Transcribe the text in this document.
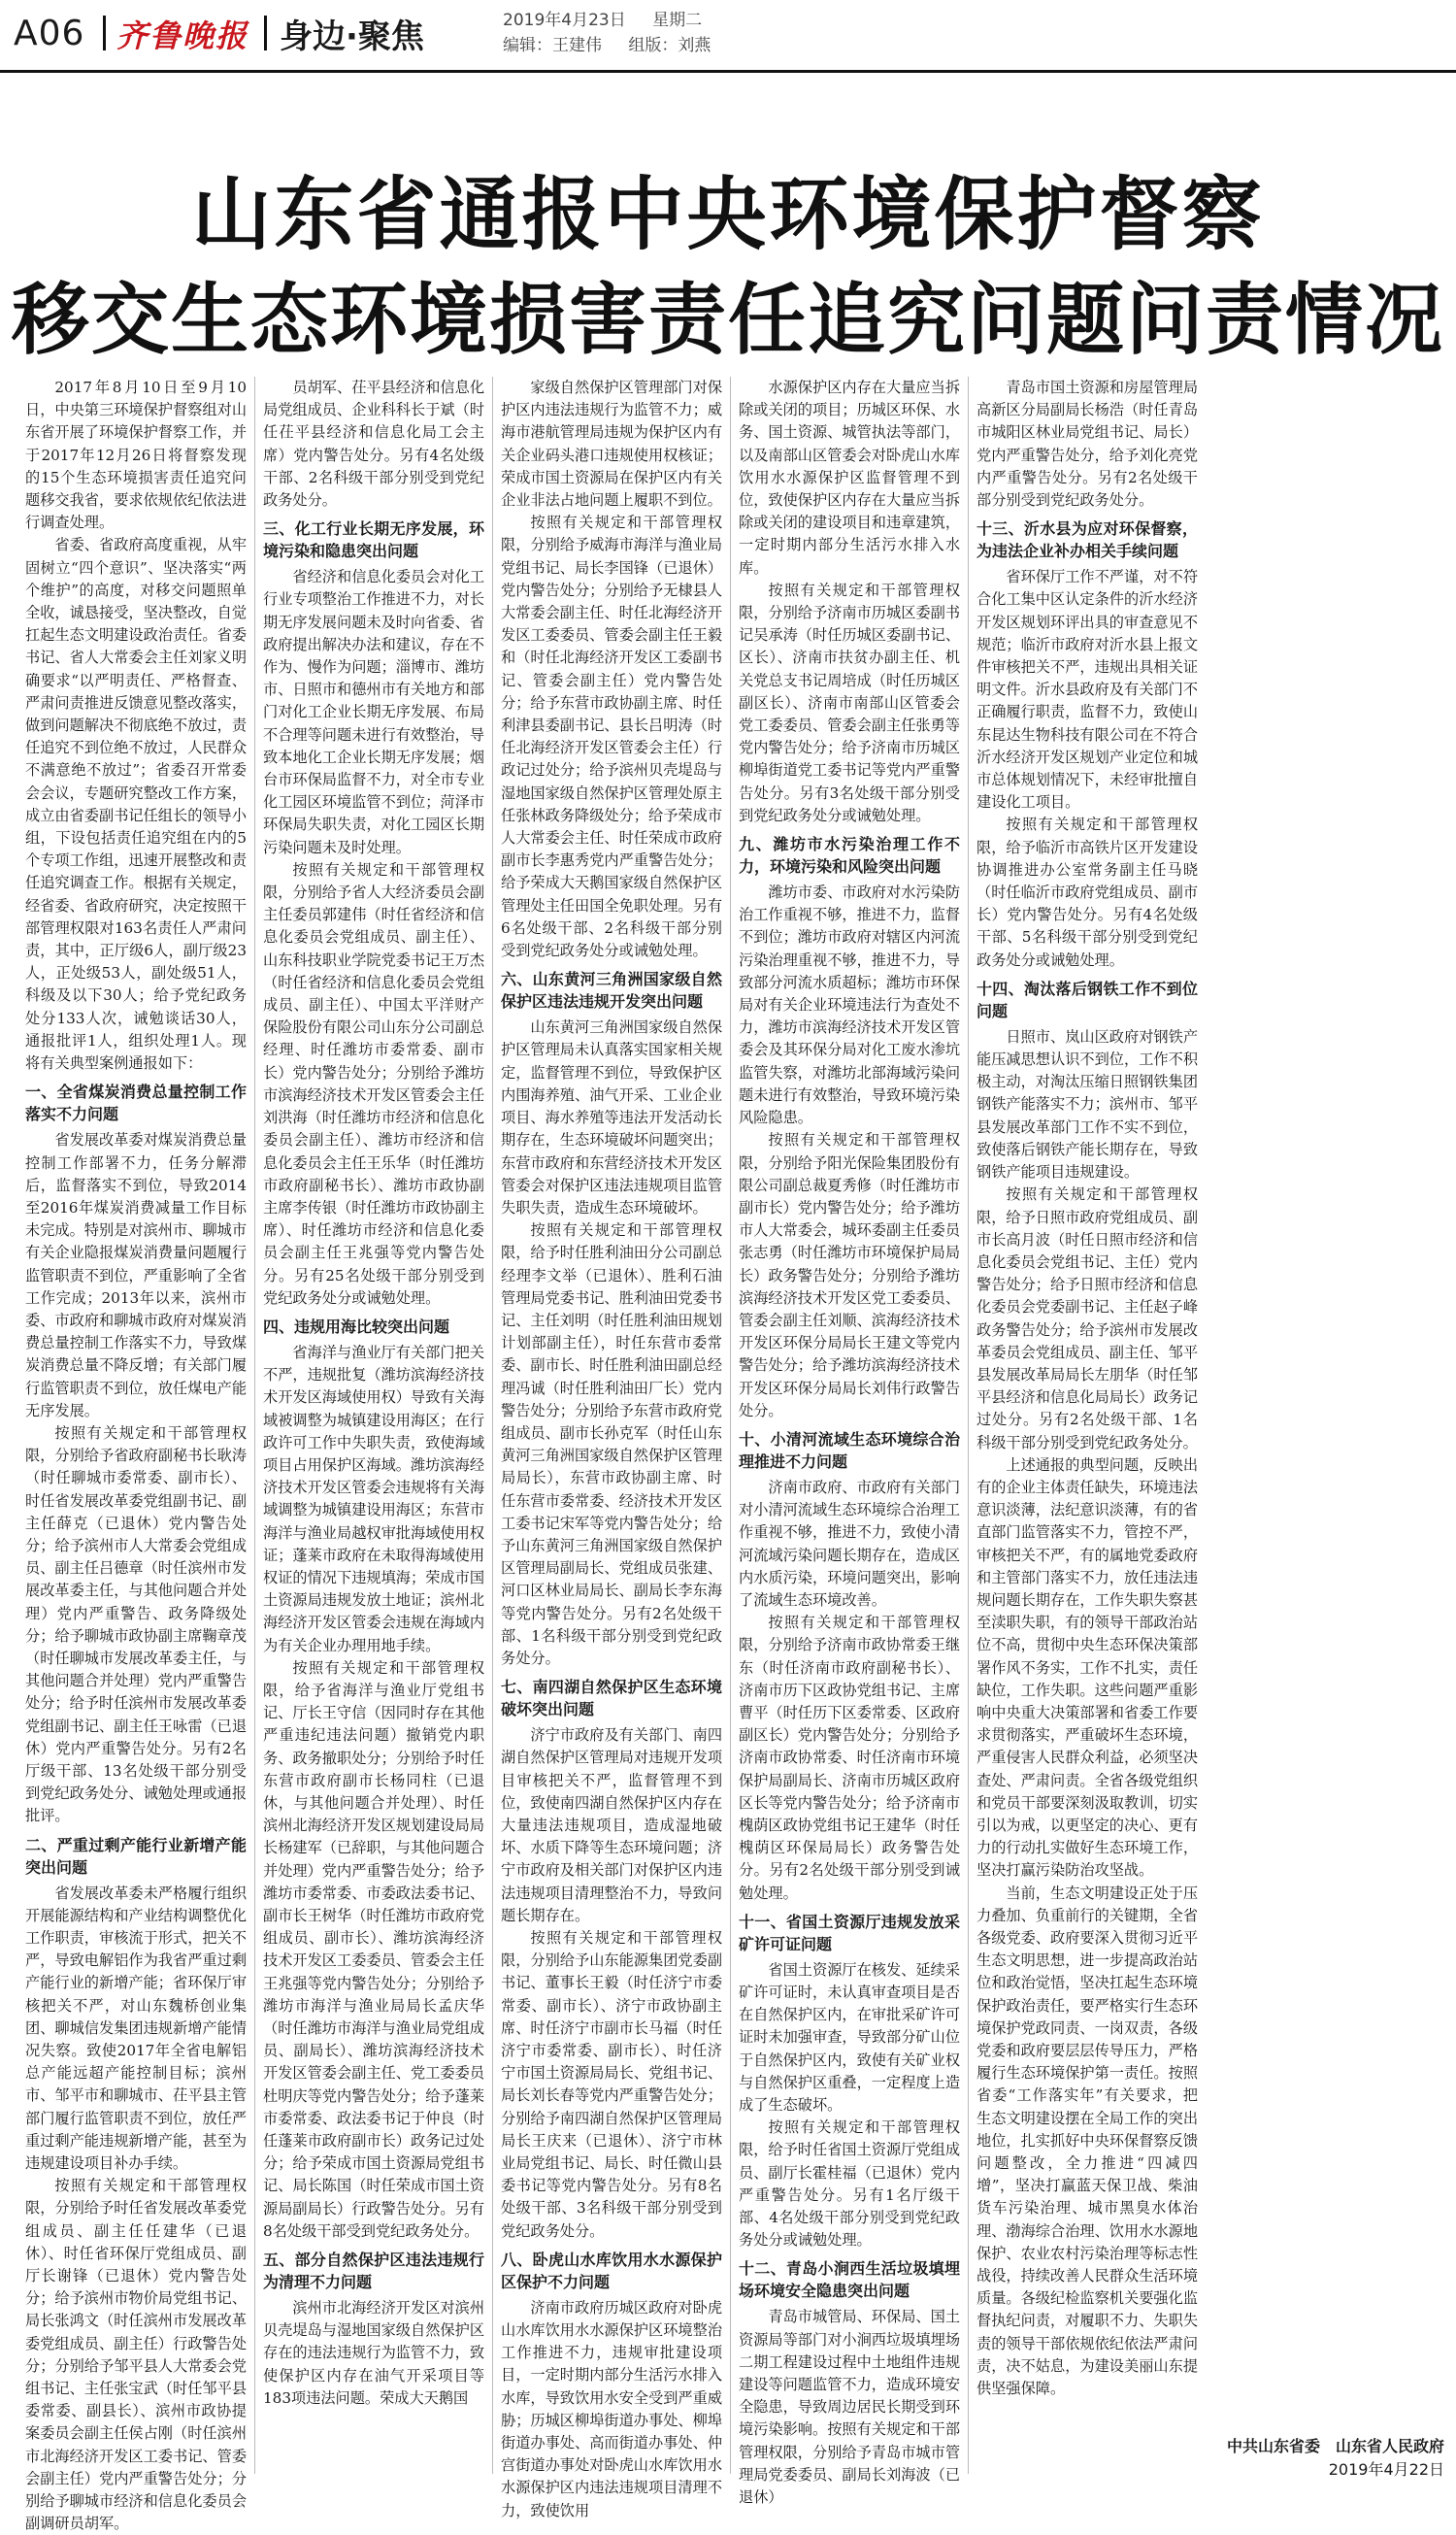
A06 齐鲁晚报 身边·聚焦	2019年4月23日 星期二
编辑：王建伟 组版：刘燕
山东省通报中央环境保护督察
移交生态环境损害责任追究问题问责情况

2017年8月10日至9月10日，中央第三环境保护督察组对山东省开展了环境保护督察工作，并于2017年12月26日将督察发现的15个生态环境损害责任追究问题移交我省，要求依规依纪依法进行调查处理。

省委、省政府高度重视，从牢固树立“四个意识”、坚决落实“两个维护”的高度，对移交问题照单全收，诚恳接受，坚决整改，自觉扛起生态文明建设政治责任。省委书记、省人大常委会主任刘家义明确要求“以严明责任、严格督查、严肃问责推进反馈意见整改落实，做到问题解决不彻底绝不放过，责任追究不到位绝不放过，人民群众不满意绝不放过”；省委召开常委会会议，专题研究整改工作方案，成立由省委副书记任组长的领导小组，下设包括责任追究组在内的5个专项工作组，迅速开展整改和责任追究调查工作。根据有关规定，经省委、省政府研究，决定按照干部管理权限对163名责任人严肃问责，其中，正厅级6人，副厅级23人，正处级53人，副处级51人，科级及以下30人；给予党纪政务处分133人次，诫勉谈话30人，通报批评1人，组织处理1人。现将有关典型案例通报如下：

一、全省煤炭消费总量控制工作落实不力问题

省发展改革委对煤炭消费总量控制工作部署不力，任务分解滞后，监督落实不到位，导致2014至2016年煤炭消费减量工作目标未完成。特别是对滨州市、聊城市有关企业隐报煤炭消费量问题履行监管职责不到位，严重影响了全省工作完成；2013年以来，滨州市委、市政府和聊城市政府对煤炭消费总量控制工作落实不力，导致煤炭消费总量不降反增；有关部门履行监管职责不到位，放任煤电产能无序发展。

按照有关规定和干部管理权限，分别给予省政府副秘书长耿涛（时任聊城市委常委、副市长）、时任省发展改革委党组副书记、副主任薛克（已退休）党内警告处分；给予滨州市人大常委会党组成员、副主任吕德章（时任滨州市发展改革委主任，与其他问题合并处理）党内严重警告、政务降级处分；给予聊城市政协副主席鞠章茂（时任聊城市发展改革委主任，与其他问题合并处理）党内严重警告处分；给予时任滨州市发展改革委党组副书记、副主任王咏雷（已退休）党内严重警告处分。另有2名厅级干部、13名处级干部分别受到党纪政务处分、诫勉处理或通报批评。

二、严重过剩产能行业新增产能突出问题

省发展改革委未严格履行组织开展能源结构和产业结构调整优化工作职责，审核流于形式，把关不严，导致电解铝作为我省严重过剩产能行业的新增产能；省环保厅审核把关不严，对山东魏桥创业集团、聊城信发集团违规新增产能情况失察。致使2017年全省电解铝总产能远超产能控制目标；滨州市、邹平市和聊城市、茌平县主管部门履行监管职责不到位，放任严重过剩产能违规新增产能，甚至为违规建设项目补办手续。

按照有关规定和干部管理权限，分别给予时任省发展改革委党组成员、副主任任建华（已退休）、时任省环保厅党组成员、副厅长谢锋（已退休）党内警告处分；给予滨州市物价局党组书记、局长张鸿文（时任滨州市发展改革委党组成员、副主任）行政警告处分；分别给予邹平县人大常委会党组书记、主任张宝武（时任邹平县委常委、副县长）、滨州市政协提案委员会副主任侯占刚（时任滨州市北海经济开发区工委书记、管委会副主任）党内严重警告处分；分别给予聊城市经济和信息化委员会副调研员胡军。

员胡军、茌平县经济和信息化局党组成员、企业科科长于斌（时任茌平县经济和信息化局工会主席）党内警告处分。另有4名处级干部、2名科级干部分别受到党纪政务处分。

三、化工行业长期无序发展，环境污染和隐患突出问题

省经济和信息化委员会对化工行业专项整治工作推进不力，对长期无序发展问题未及时向省委、省政府提出解决办法和建议，存在不作为、慢作为问题；淄博市、潍坊市、日照市和德州市有关地方和部门对化工企业长期无序发展、布局不合理等问题未进行有效整治，导致本地化工企业长期无序发展；烟台市环保局监督不力，对全市专业化工园区环境监管不到位；菏泽市环保局失职失责，对化工园区长期污染问题未及时处理。

按照有关规定和干部管理权限，分别给予省人大经济委员会副主任委员郭建伟（时任省经济和信息化委员会党组成员、副主任）、山东科技职业学院党委书记王万杰（时任省经济和信息化委员会党组成员、副主任）、中国太平洋财产保险股份有限公司山东分公司副总经理、时任潍坊市委常委、副市长）党内警告处分；分别给予潍坊市滨海经济技术开发区管委会主任刘洪海（时任潍坊市经济和信息化委员会副主任）、潍坊市经济和信息化委员会主任王乐华（时任潍坊市政府副秘书长）、潍坊市政协副主席李传银（时任潍坊市政协副主席）、时任潍坊市经济和信息化委员会副主任王兆强等党内警告处分。另有25名处级干部分别受到党纪政务处分或诫勉处理。

四、违规用海比较突出问题

省海洋与渔业厅有关部门把关不严，违规批复（潍坊滨海经济技术开发区海域使用权）导致有关海域被调整为城镇建设用海区；在行政许可工作中失职失责，致使海域项目占用保护区海域。潍坊滨海经济技术开发区管委会违规将有关海域调整为城镇建设用海区；东营市海洋与渔业局越权审批海域使用权证；蓬莱市政府在未取得海域使用权证的情况下违规填海；荣成市国土资源局违规发放土地证；滨州北海经济开发区管委会违规在海域内为有关企业办理用地手续。

按照有关规定和干部管理权限，给予省海洋与渔业厅党组书记、厅长王守信（因同时存在其他严重违纪违法问题）撤销党内职务、政务撤职处分；分别给予时任东营市政府副市长杨同柱（已退休，与其他问题合并处理）、时任滨州北海经济开发区规划建设局局长杨建军（已辞职，与其他问题合并处理）党内严重警告处分；给予潍坊市委常委、市委政法委书记、副市长王树华（时任潍坊市政府党组成员、副市长）、潍坊滨海经济技术开发区工委委员、管委会主任王兆强等党内警告处分；分别给予潍坊市海洋与渔业局局长孟庆华（时任潍坊市海洋与渔业局党组成员、副局长）、潍坊滨海经济技术开发区管委会副主任、党工委委员杜明庆等党内警告处分；给予蓬莱市委常委、政法委书记于仲良（时任蓬莱市政府副市长）政务记过处分；给予荣成市国土资源局党组书记、局长陈国（时任荣成市国土资源局副局长）行政警告处分。另有8名处级干部受到党纪政务处分。

五、部分自然保护区违法违规行为清理不力问题

滨州市北海经济开发区对滨州贝壳堤岛与湿地国家级自然保护区存在的违法违规行为监管不力，致使保护区内存在油气开采项目等183项违法问题。荣成大天鹅国

家级自然保护区管理部门对保护区内违法违规行为监管不力；威海市港航管理局违规为保护区内有关企业码头港口违规使用权核证；荣成市国土资源局在保护区内有关企业非法占地问题上履职不到位。

按照有关规定和干部管理权限，分别给予威海市海洋与渔业局党组书记、局长李国锋（已退休）党内警告处分；分别给予无棣县人大常委会副主任、时任北海经济开发区工委委员、管委会副主任王毅和（时任北海经济开发区工委副书记、管委会副主任）党内警告处分；给予东营市政协副主席、时任利津县委副书记、县长吕明涛（时任北海经济开发区管委会主任）行政记过处分；给予滨州贝壳堤岛与湿地国家级自然保护区管理处原主任张林政务降级处分；给予荣成市人大常委会主任、时任荣成市政府副市长李惠秀党内严重警告处分；给予荣成大天鹅国家级自然保护区管理处主任田国全免职处理。另有6名处级干部、2名科级干部分别受到党纪政务处分或诫勉处理。

六、山东黄河三角洲国家级自然保护区违法违规开发突出问题

山东黄河三角洲国家级自然保护区管理局未认真落实国家相关规定，监督管理不到位，导致保护区内围海养殖、油气开采、工业企业项目、海水养殖等违法开发活动长期存在，生态环境破坏问题突出；东营市政府和东营经济技术开发区管委会对保护区违法违规项目监管失职失责，造成生态环境破坏。

按照有关规定和干部管理权限，给予时任胜利油田分公司副总经理李文举（已退休）、胜利石油管理局党委书记、胜利油田党委书记、主任刘明（时任胜利油田规划计划部副主任），时任东营市委常委、副市长、时任胜利油田副总经理冯诚（时任胜利油田厂长）党内警告处分；分别给予东营市政府党组成员、副市长孙克军（时任山东黄河三角洲国家级自然保护区管理局局长），东营市政协副主席、时任东营市委常委、经济技术开发区工委书记宋军等党内警告处分；给予山东黄河三角洲国家级自然保护区管理局副局长、党组成员张建、河口区林业局局长、副局长李东海等党内警告处分。另有2名处级干部、1名科级干部分别受到党纪政务处分。

七、南四湖自然保护区生态环境破坏突出问题

济宁市政府及有关部门、南四湖自然保护区管理局对违规开发项目审核把关不严，监督管理不到位，致使南四湖自然保护区内存在大量违法违规项目，造成湿地破坏、水质下降等生态环境问题；济宁市政府及相关部门对保护区内违法违规项目清理整治不力，导致问题长期存在。

按照有关规定和干部管理权限，分别给予山东能源集团党委副书记、董事长王毅（时任济宁市委常委、副市长）、济宁市政协副主席、时任济宁市副市长马福（时任济宁市委常委、副市长）、时任济宁市国土资源局局长、党组书记、局长刘长春等党内严重警告处分；分别给予南四湖自然保护区管理局局长王庆来（已退休）、济宁市林业局党组书记、局长、时任微山县委书记等党内警告处分。另有8名处级干部、3名科级干部分别受到党纪政务处分。

八、卧虎山水库饮用水水源保护区保护不力问题

济南市政府历城区政府对卧虎山水库饮用水水源保护区环境整治工作推进不力，违规审批建设项目，一定时期内部分生活污水排入水库，导致饮用水安全受到严重威胁；历城区柳埠街道办事处、柳埠街道办事处、高而街道办事处、仲宫街道办事处对卧虎山水库饮用水水源保护区内违法违规项目清理不力，致使饮用

水源保护区内存在大量应当拆除或关闭的项目；历城区环保、水务、国土资源、城管执法等部门，以及南部山区管委会对卧虎山水库饮用水水源保护区监督管理不到位，致使保护区内存在大量应当拆除或关闭的建设项目和违章建筑，一定时期内部分生活污水排入水库。

按照有关规定和干部管理权限，分别给予济南市历城区委副书记吴承涛（时任历城区委副书记、区长）、济南市扶贫办副主任、机关党总支书记周培成（时任历城区副区长）、济南市南部山区管委会党工委委员、管委会副主任张勇等党内警告处分；给予济南市历城区柳埠街道党工委书记等党内严重警告处分。另有3名处级干部分别受到党纪政务处分或诫勉处理。

九、潍坊市水污染治理工作不力，环境污染和风险突出问题

潍坊市委、市政府对水污染防治工作重视不够，推进不力，监督不到位；潍坊市政府对辖区内河流污染治理重视不够，推进不力，导致部分河流水质超标；潍坊市环保局对有关企业环境违法行为查处不力，潍坊市滨海经济技术开发区管委会及其环保分局对化工废水渗坑监管失察，对潍坊北部海域污染问题未进行有效整治，导致环境污染风险隐患。

按照有关规定和干部管理权限，分别给予阳光保险集团股份有限公司副总裁夏秀修（时任潍坊市副市长）党内警告处分；给予潍坊市人大常委会，城环委副主任委员张志勇（时任潍坊市环境保护局局长）政务警告处分；分别给予潍坊滨海经济技术开发区党工委委员、管委会副主任刘顺、滨海经济技术开发区环保分局局长王建文等党内警告处分；给予潍坊滨海经济技术开发区环保分局局长刘伟行政警告处分。

十、小清河流域生态环境综合治理推进不力问题

济南市政府、市政府有关部门对小清河流域生态环境综合治理工作重视不够，推进不力，致使小清河流域污染问题长期存在，造成区内水质污染，环境问题突出，影响了流域生态环境改善。

按照有关规定和干部管理权限，分别给予济南市政协常委王继东（时任济南市政府副秘书长）、济南市历下区政协党组书记、主席曹平（时任历下区委常委、区政府副区长）党内警告处分；分别给予济南市政协常委、时任济南市环境保护局副局长、济南市历城区政府区长等党内警告处分；给予济南市槐荫区政协党组书记王建华（时任槐荫区环保局局长）政务警告处分。另有2名处级干部分别受到诫勉处理。

十一、省国土资源厅违规发放采矿许可证问题

省国土资源厅在核发、延续采矿许可证时，未认真审查项目是否在自然保护区内，在审批采矿许可证时未加强审查，导致部分矿山位于自然保护区内，致使有关矿业权与自然保护区重叠，一定程度上造成了生态破坏。

按照有关规定和干部管理权限，给予时任省国土资源厅党组成员、副厅长霍桂福（已退休）党内严重警告处分。另有1名厅级干部、4名处级干部分别受到党纪政务处分或诫勉处理。

十二、青岛小涧西生活垃圾填埋场环境安全隐患突出问题

青岛市城管局、环保局、国土资源局等部门对小涧西垃圾填埋场二期工程建设过程中土地组件违规建设等问题监管不力，造成环境安全隐患，导致周边居民长期受到环境污染影响。按照有关规定和干部管理权限，分别给予青岛市城市管理局党委委员、副局长刘海波（已退休）

青岛市国土资源和房屋管理局高新区分局副局长杨浩（时任青岛市城阳区林业局党组书记、局长）党内严重警告处分，给予刘化亮党内严重警告处分。另有2名处级干部分别受到党纪政务处分。

十三、沂水县为应对环保督察，为违法企业补办相关手续问题

省环保厅工作不严谨，对不符合化工集中区认定条件的沂水经济开发区规划环评出具的审查意见不规范；临沂市政府对沂水县上报文件审核把关不严，违规出具相关证明文件。沂水县政府及有关部门不正确履行职责，监督不力，致使山东昆达生物科技有限公司在不符合沂水经济开发区规划产业定位和城市总体规划情况下，未经审批擅自建设化工项目。

按照有关规定和干部管理权限，给予临沂市高铁片区开发建设协调推进办公室常务副主任马晓（时任临沂市政府党组成员、副市长）党内警告处分。另有4名处级干部、5名科级干部分别受到党纪政务处分或诫勉处理。

十四、淘汰落后钢铁工作不到位问题

日照市、岚山区政府对钢铁产能压减思想认识不到位，工作不积极主动，对淘汰压缩日照钢铁集团钢铁产能落实不力；滨州市、邹平县发展改革部门工作不实不到位，致使落后钢铁产能长期存在，导致钢铁产能项目违规建设。

按照有关规定和干部管理权限，给予日照市政府党组成员、副市长高月波（时任日照市经济和信息化委员会党组书记、主任）党内警告处分；给予日照市经济和信息化委员会党委副书记、主任赵子峰政务警告处分；给予滨州市发展改革委员会党组成员、副主任、邹平县发展改革局局长左朋华（时任邹平县经济和信息化局局长）政务记过处分。另有2名处级干部、1名科级干部分别受到党纪政务处分。

上述通报的典型问题，反映出有的企业主体责任缺失，环境违法意识淡薄，法纪意识淡薄，有的省直部门监管落实不力，管控不严，审核把关不严，有的属地党委政府和主管部门落实不力，放任违法违规问题长期存在，工作失职失察甚至渎职失职，有的领导干部政治站位不高，贯彻中央生态环保决策部署作风不务实，工作不扎实，责任缺位，工作失职。这些问题严重影响中央重大决策部署和省委工作要求贯彻落实，严重破坏生态环境，严重侵害人民群众利益，必须坚决查处、严肃问责。全省各级党组织和党员干部要深刻汲取教训，切实引以为戒，以更坚定的决心、更有力的行动扎实做好生态环境工作，坚决打赢污染防治攻坚战。

当前，生态文明建设正处于压力叠加、负重前行的关键期，全省各级党委、政府要深入贯彻习近平生态文明思想，进一步提高政治站位和政治觉悟，坚决扛起生态环境保护政治责任，要严格实行生态环境保护党政同责、一岗双责，各级党委和政府要层层传导压力，严格履行生态环境保护第一责任。按照省委“工作落实年”有关要求，把生态文明建设摆在全局工作的突出地位，扎实抓好中央环保督察反馈问题整改，全力推进“四减四增”，坚决打赢蓝天保卫战、柴油货车污染治理、城市黑臭水体治理、渤海综合治理、饮用水水源地保护、农业农村污染治理等标志性战役，持续改善人民群众生活环境质量。各级纪检监察机关要强化监督执纪问责，对履职不力、失职失责的领导干部依规依纪依法严肃问责，决不姑息，为建设美丽山东提供坚强保障。

中共山东省委　山东省人民政府
2019年4月22日
